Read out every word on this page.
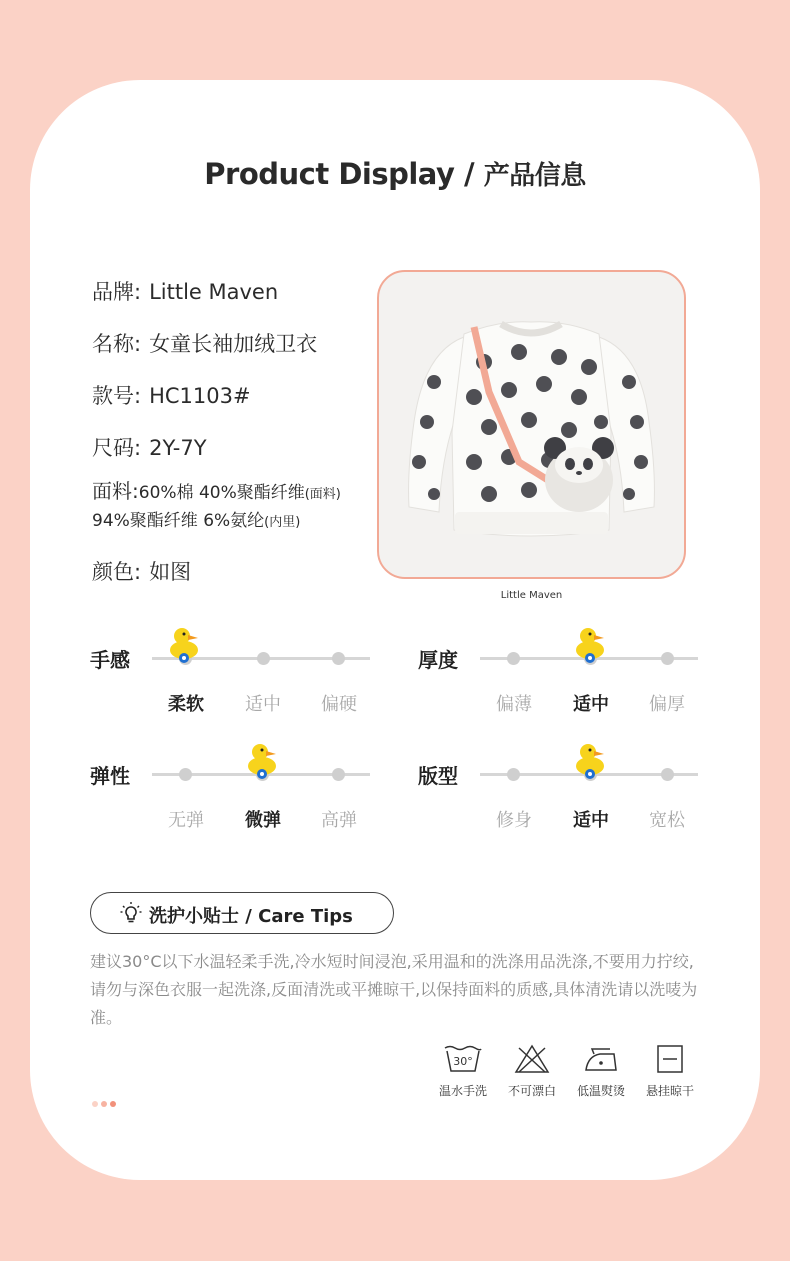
Product Display / 产品信息
品牌: Little Maven
名称: 女童长袖加绒卫衣
款号: HC1103#
尺码: 2Y-7Y
面料:60%棉 40%聚酯纤维(面料)
94%聚酯纤维 6%氨纶(内里)
颜色: 如图
Little Maven
手感
柔软	适中	偏硬
厚度
偏薄	适中	偏厚
弹性
无弹	微弹	高弹
版型
修身	适中	宽松
洗护小贴士 / Care Tips
建议30°C以下水温轻柔手洗,冷水短时间浸泡,采用温和的洗涤用品洗涤,不要用力拧绞,请勿与深色衣服一起洗涤,反面清洗或平摊晾干,以保持面料的质感,具体清洗请以洗唛为准。
30°
温水手洗	不可漂白	低温熨烫	悬挂晾干
